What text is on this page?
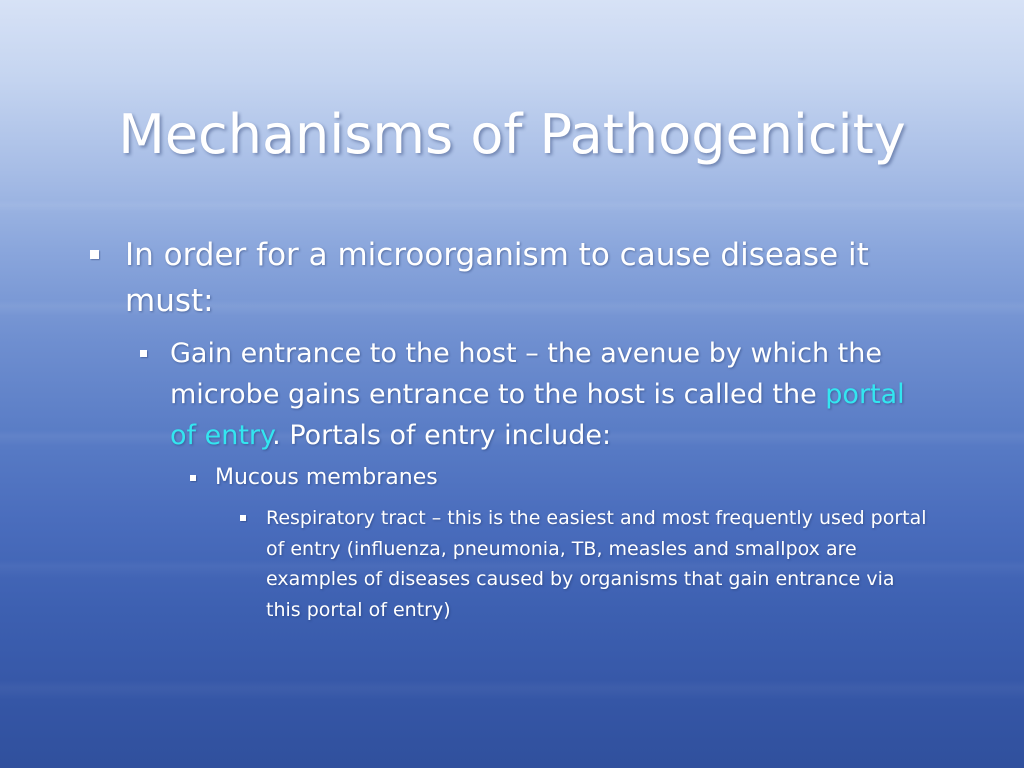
Mechanisms of Pathogenicity
In order for a microorganism to cause disease it must:
Gain entrance to the host – the avenue by which the microbe gains entrance to the host is called the portal of entry. Portals of entry include:
Mucous membranes
Respiratory tract – this is the easiest and most frequently used portal of entry (influenza, pneumonia, TB, measles and smallpox are examples of diseases caused by organisms that gain entrance via this portal of entry)
